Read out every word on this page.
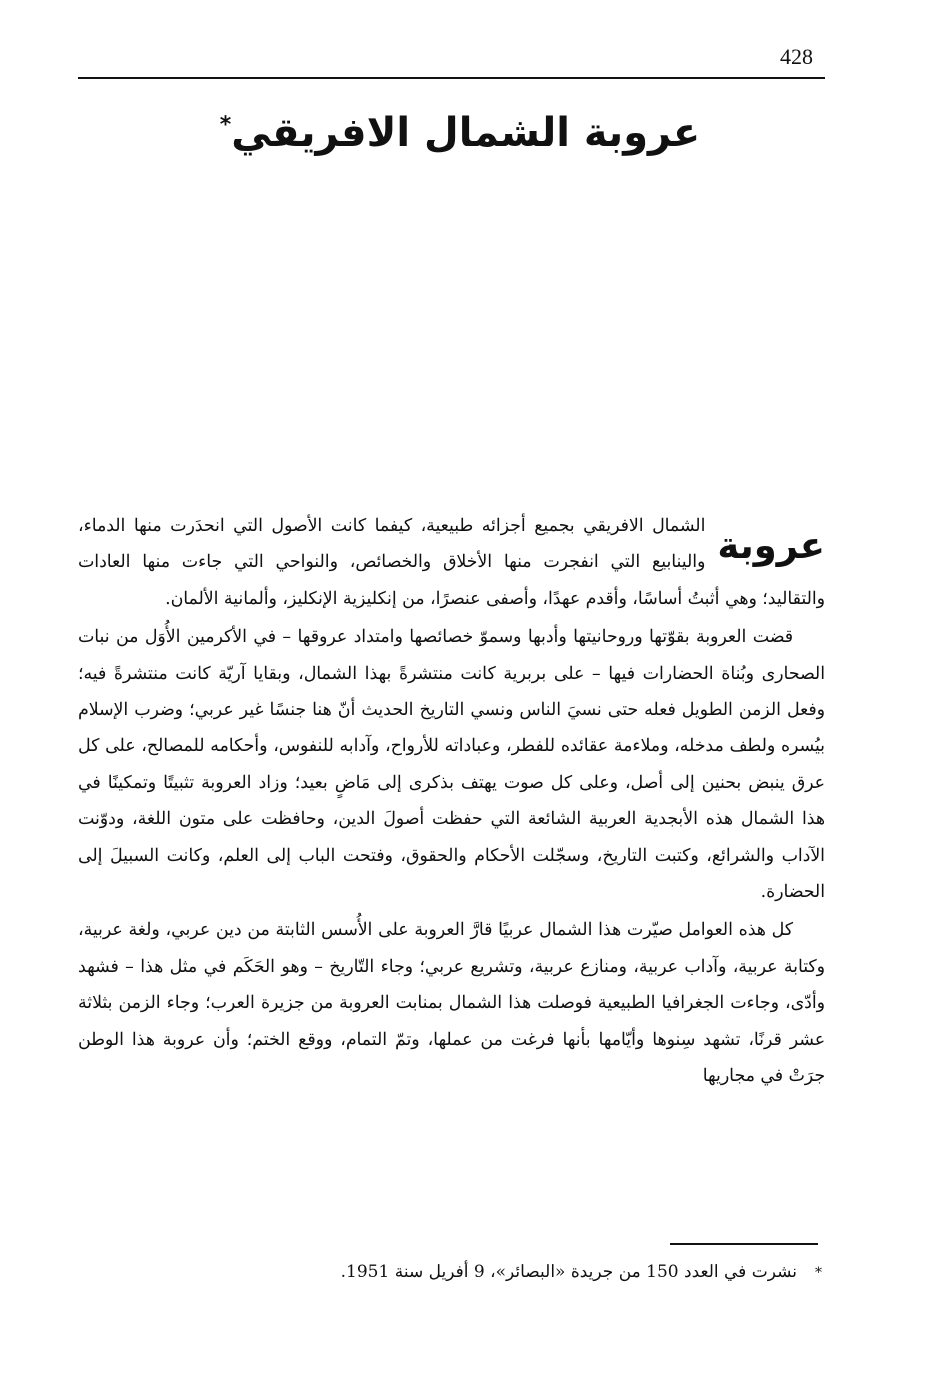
428
عروبة الشمال الافريقي*
عروبة

الشمال الافريقي بجميع أجزائه طبيعية، كيفما كانت الأصول التي انحدَرت منها الدماء، والينابيع التي انفجرت منها الأخلاق والخصائص، والنواحي التي جاءت منها العادات والتقاليد؛ وهي أثبتُ أساسًا، وأقدم عهدًا، وأصفى عنصرًا، من إنكليزية الإنكليز، وألمانية الألمان.

قضت العروبة بقوّتها وروحانيتها وأدبها وسموّ خصائصها وامتداد عروقها – في الأكرمين الأُوَل من نبات الصحارى وبُناة الحضارات فيها – على بربرية كانت منتشرةً بهذا الشمال، وبقايا آريّة كانت منتشرةً فيه؛ وفعل الزمن الطويل فعله حتى نسيَ الناس ونسي التاريخ الحديث أنّ هنا جنسًا غير عربي؛ وضرب الإسلام بيُسره ولطف مدخله، وملاءمة عقائده للفطر، وعباداته للأرواح، وآدابه للنفوس، وأحكامه للمصالح، على كل عرق ينبض بحنين إلى أصل، وعلى كل صوت يهتف بذكرى إلى مَاضٍ بعيد؛ وزاد العروبة تثبيتًا وتمكينًا في هذا الشمال هذه الأبجدية العربية الشائعة التي حفظت أصولَ الدين، وحافظت على متون اللغة، ودوّنت الآداب والشرائع، وكتبت التاريخ، وسجّلت الأحكام والحقوق، وفتحت الباب إلى العلم، وكانت السبيلَ إلى الحضارة.

كل هذه العوامل صيّرت هذا الشمال عربيًا قارَّ العروبة على الأُسس الثابتة من دين عربي، ولغة عربية، وكتابة عربية، وآداب عربية، ومنازع عربية، وتشريع عربي؛ وجاء التّاريخ – وهو الحَكَم في مثل هذا – فشهد وأدّى، وجاءت الجغرافيا الطبيعية فوصلت هذا الشمال بمنابت العروبة من جزيرة العرب؛ وجاء الزمن بثلاثة عشر قرنًا، تشهد سِنوها وأيّامها بأنها فرغت من عملها، وتمّ التمام، ووقع الختم؛ وأن عروبة هذا الوطن جرَتْ في مجاريها

*نشرت في العدد 150 من جريدة «البصائر»، 9 أفريل سنة 1951.
